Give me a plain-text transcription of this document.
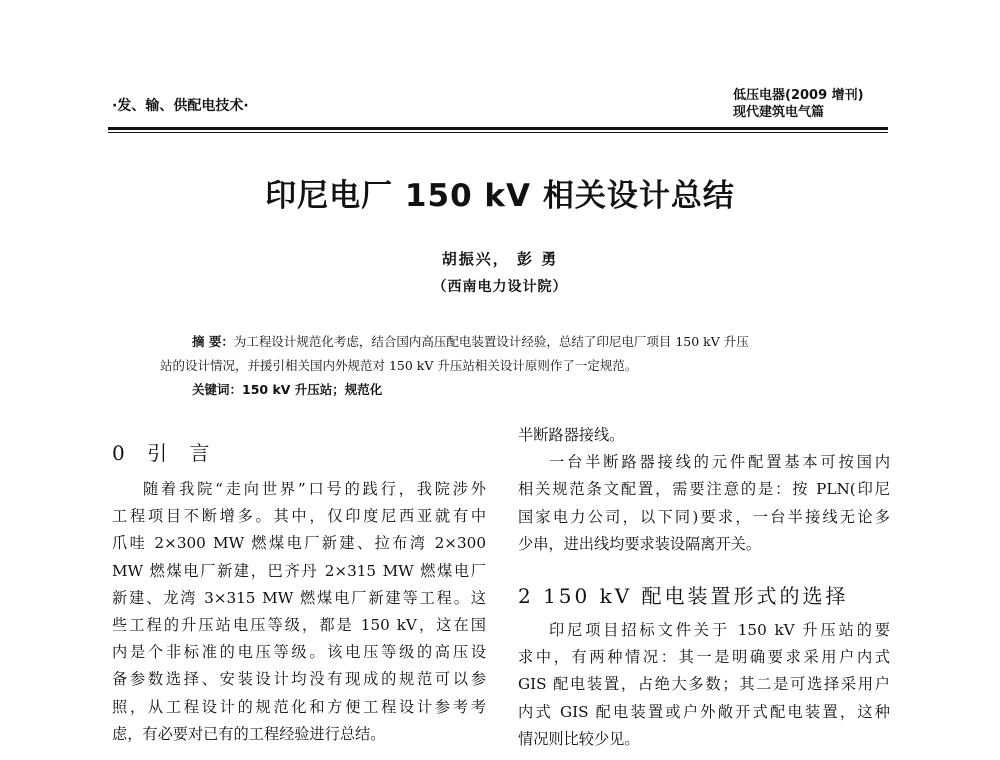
·发、输、供配电技术·
低压电器(2009 增刊)
现代建筑电气篇
印尼电厂 150 kV 相关设计总结
胡振兴， 彭 勇
（西南电力设计院）
摘 要：为工程设计规范化考虑，结合国内高压配电装置设计经验，总结了印尼电厂项目 150 kV 升压
站的设计情况，并援引相关国内外规范对 150 kV 升压站相关设计原则作了一定规范。
关键词：150 kV 升压站；规范化
0 引 言
随着我院“走向世界”口号的践行，我院涉外
工程项目不断增多。其中，仅印度尼西亚就有中
爪哇 2×300 MW 燃煤电厂新建、拉布湾 2×300
MW 燃煤电厂新建，巴齐丹 2×315 MW 燃煤电厂
新建、龙湾 3×315 MW 燃煤电厂新建等工程。这
些工程的升压站电压等级，都是 150 kV，这在国
内是个非标准的电压等级。该电压等级的高压设
备参数选择、安装设计均没有现成的规范可以参
照，从工程设计的规范化和方便工程设计参考考
虑，有必要对已有的工程经验进行总结。
半断路器接线。
一台半断路器接线的元件配置基本可按国内
相关规范条文配置，需要注意的是：按 PLN(印尼
国家电力公司，以下同)要求，一台半接线无论多
少串，进出线均要求装设隔离开关。
2 150 kV 配电装置形式的选择
印尼项目招标文件关于 150 kV 升压站的要
求中，有两种情况：其一是明确要求采用户内式
GIS 配电装置，占绝大多数；其二是可选择采用户
内式 GIS 配电装置或户外敞开式配电装置，这种
情况则比较少见。
